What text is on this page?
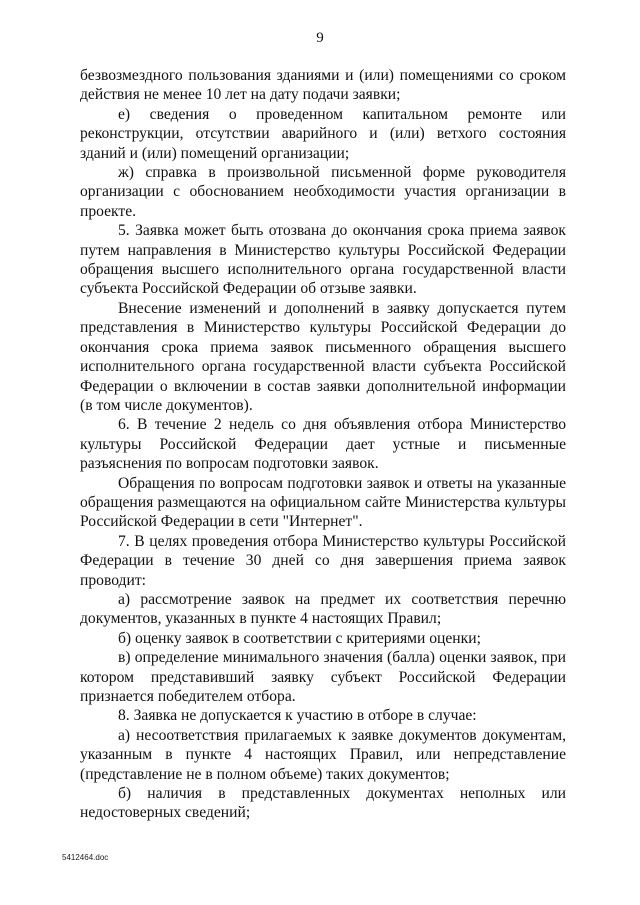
9

безвозмездного пользования зданиями и (или) помещениями со сроком действия не менее 10 лет на дату подачи заявки;

е) сведения о проведенном капитальном ремонте или реконструкции, отсутствии аварийного и (или) ветхого состояния зданий и (или) помещений организации;

ж) справка в произвольной письменной форме руководителя организации с обоснованием необходимости участия организации в проекте.

5. Заявка может быть отозвана до окончания срока приема заявок путем направления в Министерство культуры Российской Федерации обращения высшего исполнительного органа государственной власти субъекта Российской Федерации об отзыве заявки.

Внесение изменений и дополнений в заявку допускается путем представления в Министерство культуры Российской Федерации до окончания срока приема заявок письменного обращения высшего исполнительного органа государственной власти субъекта Российской Федерации о включении в состав заявки дополнительной информации (в том числе документов).

6. В течение 2 недель со дня объявления отбора Министерство культуры Российской Федерации дает устные и письменные разъяснения по вопросам подготовки заявок.

Обращения по вопросам подготовки заявок и ответы на указанные обращения размещаются на официальном сайте Министерства культуры Российской Федерации в сети "Интернет".

7. В целях проведения отбора Министерство культуры Российской Федерации в течение 30 дней со дня завершения приема заявок проводит:

а) рассмотрение заявок на предмет их соответствия перечню документов, указанных в пункте 4 настоящих Правил;

б) оценку заявок в соответствии с критериями оценки;

в) определение минимального значения (балла) оценки заявок, при котором представивший заявку субъект Российской Федерации признается победителем отбора.

8. Заявка не допускается к участию в отборе в случае:

а) несоответствия прилагаемых к заявке документов документам, указанным в пункте 4 настоящих Правил, или непредставление (представление не в полном объеме) таких документов;

б) наличия в представленных документах неполных или недостоверных сведений;

5412464.doc
